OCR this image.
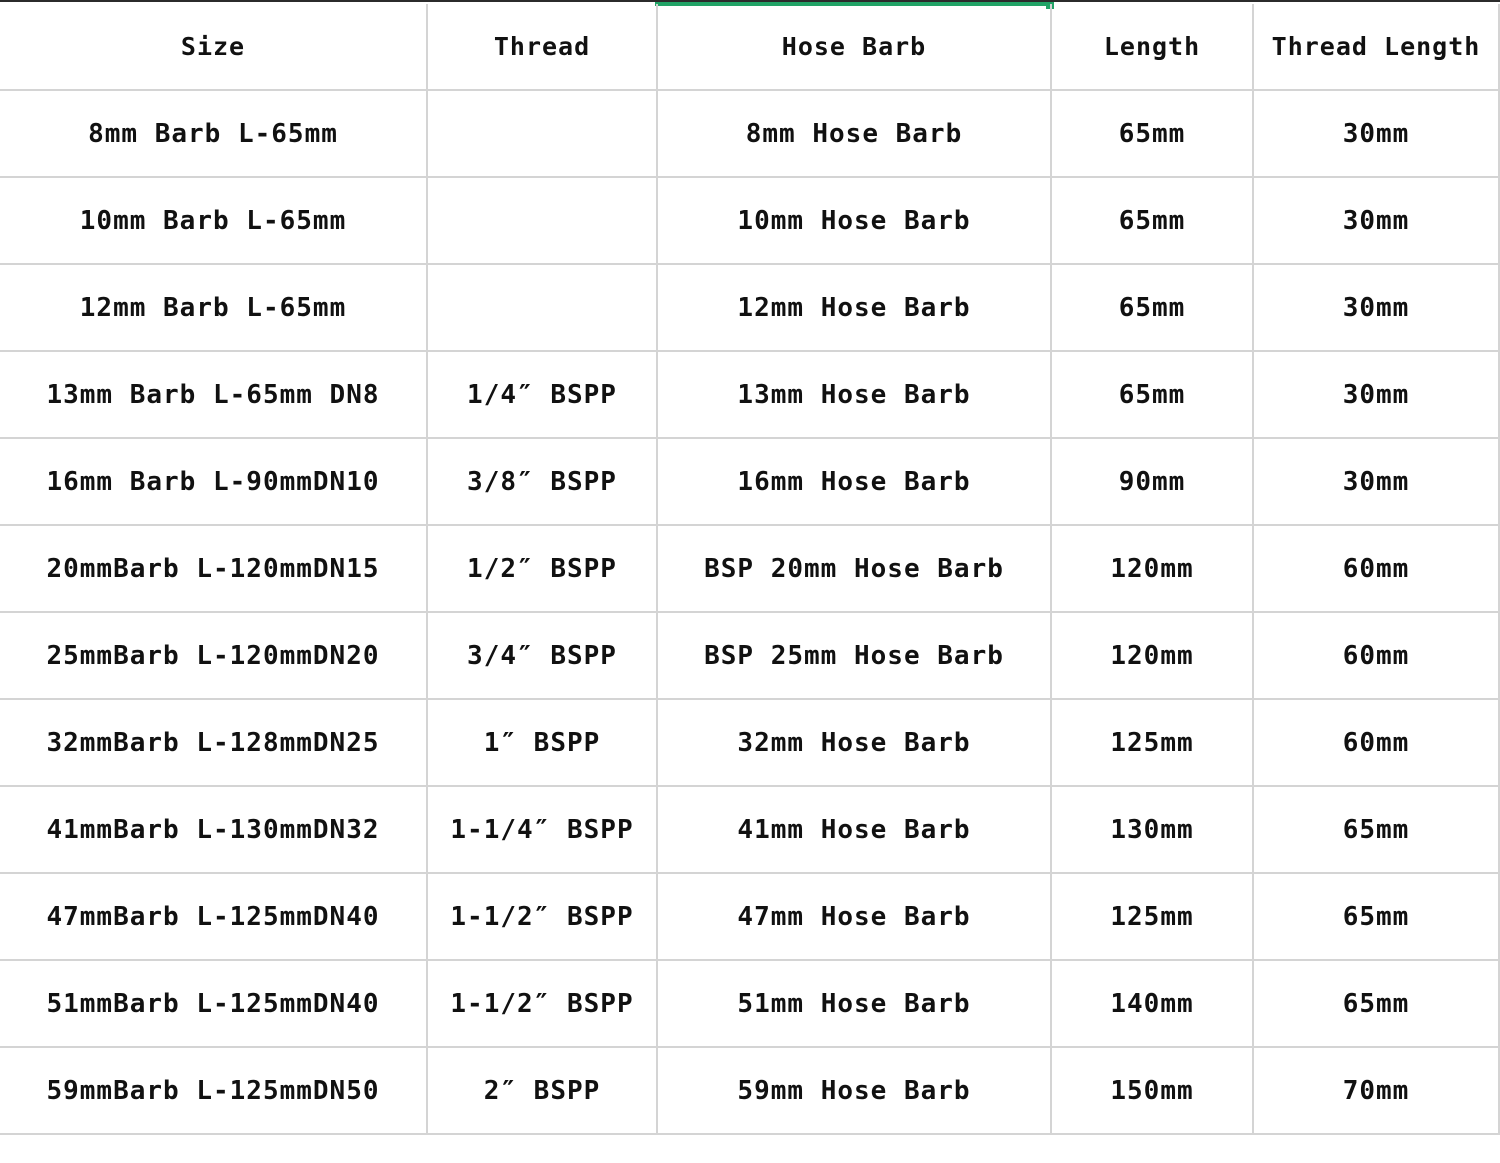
Size	Thread	Hose Barb	Length	Thread Length
8mm Barb L-65mm		8mm Hose Barb	65mm	30mm
10mm Barb L-65mm		10mm Hose Barb	65mm	30mm
12mm Barb L-65mm		12mm Hose Barb	65mm	30mm
13mm Barb L-65mm DN8	1/4″ BSPP	13mm Hose Barb	65mm	30mm
16mm Barb L-90mmDN10	3/8″ BSPP	16mm Hose Barb	90mm	30mm
20mmBarb L-120mmDN15	1/2″ BSPP	BSP 20mm Hose Barb	120mm	60mm
25mmBarb L-120mmDN20	3/4″ BSPP	BSP 25mm Hose Barb	120mm	60mm
32mmBarb L-128mmDN25	1″ BSPP	32mm Hose Barb	125mm	60mm
41mmBarb L-130mmDN32	1-1/4″ BSPP	41mm Hose Barb	130mm	65mm
47mmBarb L-125mmDN40	1-1/2″ BSPP	47mm Hose Barb	125mm	65mm
51mmBarb L-125mmDN40	1-1/2″ BSPP	51mm Hose Barb	140mm	65mm
59mmBarb L-125mmDN50	2″ BSPP	59mm Hose Barb	150mm	70mm
